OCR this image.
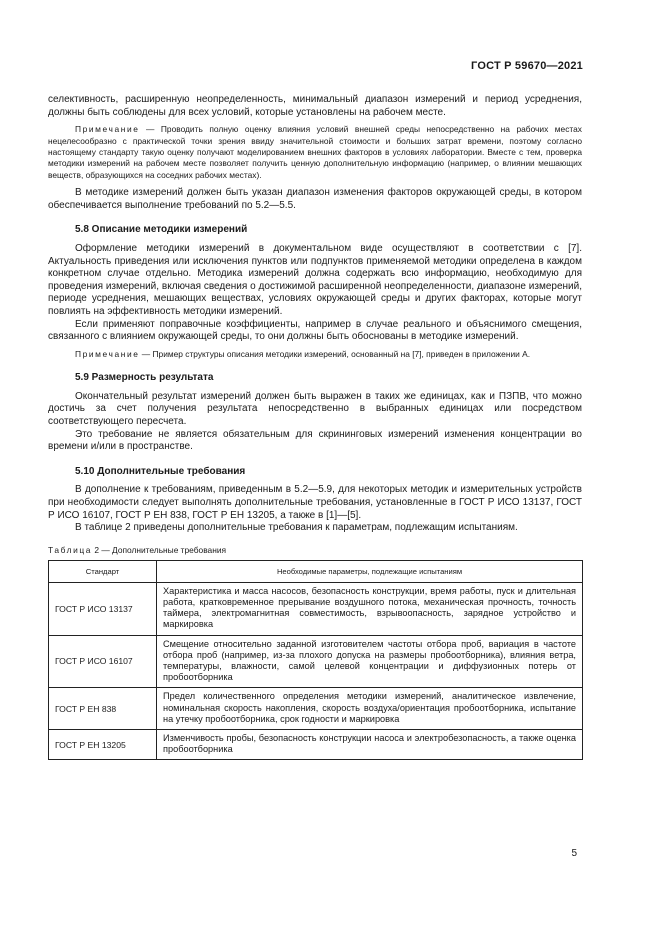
ГОСТ Р 59670—2021

селективность, расширенную неопределенность, минимальный диапазон измерений и период усреднения, должны быть соблюдены для всех условий, которые установлены на рабочем месте.

Примечание — Проводить полную оценку влияния условий внешней среды непосредственно на рабочих местах нецелесообразно с практической точки зрения ввиду значительной стоимости и больших затрат времени, поэтому согласно настоящему стандарту такую оценку получают моделированием внешних факторов в условиях лаборатории. Вместе с тем, проверка методики измерений на рабочем месте позволяет получить ценную дополнительную информацию (например, о влиянии мешающих веществ, образующихся на соседних рабочих местах).

В методике измерений должен быть указан диапазон изменения факторов окружающей среды, в котором обеспечивается выполнение требований по 5.2—5.5.

5.8 Описание методики измерений

Оформление методики измерений в документальном виде осуществляют в соответствии с [7]. Актуальность приведения или исключения пунктов или подпунктов применяемой методики определена в каждом конкретном случае отдельно. Методика измерений должна содержать всю информацию, необходимую для проведения измерений, включая сведения о достижимой расширенной неопределенности, диапазоне измерений, периоде усреднения, мешающих веществах, условиях окружающей среды и других факторах, которые могут повлиять на эффективность методики измерений.

Если применяют поправочные коэффициенты, например в случае реального и объяснимого смещения, связанного с влиянием окружающей среды, то они должны быть обоснованы в методике измерений.

Примечание — Пример структуры описания методики измерений, основанный на [7], приведен в приложении А.

5.9 Размерность результата

Окончательный результат измерений должен быть выражен в таких же единицах, как и ПЗПВ, что можно достичь за счет получения результата непосредственно в выбранных единицах или посредством соответствующего пересчета.

Это требование не является обязательным для скрининговых измерений изменения концентрации во времени и/или в пространстве.

5.10 Дополнительные требования

В дополнение к требованиям, приведенным в 5.2—5.9, для некоторых методик и измерительных устройств при необходимости следует выполнять дополнительные требования, установленные в ГОСТ Р ИСО 13137, ГОСТ Р ИСО 16107, ГОСТ Р ЕН 838, ГОСТ Р ЕН 13205, а также в [1]—[5].

В таблице 2 приведены дополнительные требования к параметрам, подлежащим испытаниям.

Таблица 2 — Дополнительные требования

Стандарт	Необходимые параметры, подлежащие испытаниям
ГОСТ Р ИСО 13137	Характеристика и масса насосов, безопасность конструкции, время работы, пуск и длительная работа, кратковременное прерывание воздушного потока, механическая прочность, точность таймера, электромагнитная совместимость, взрывоопасность, зарядное устройство и маркировка
ГОСТ Р ИСО 16107	Смещение относительно заданной изготовителем частоты отбора проб, вариация в частоте отбора проб (например, из-за плохого допуска на размеры пробоотборника), влияния ветра, температуры, влажности, самой целевой концентрации и диффузионных потерь от пробоотборника
ГОСТ Р ЕН 838	Предел количественного определения методики измерений, аналитическое извлечение, номинальная скорость накопления, скорость воздуха/ориентация пробоотборника, испытание на утечку пробоотборника, срок годности и маркировка
ГОСТ Р ЕН 13205	Изменчивость пробы, безопасность конструкции насоса и электробезопасность, а также оценка пробоотборника
5
